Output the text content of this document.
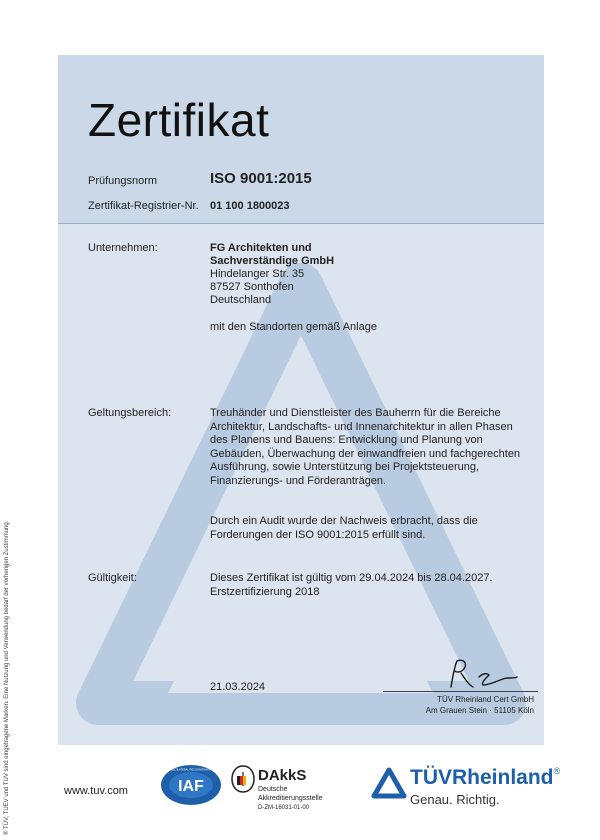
Zertifikat
Prüfungsnorm	ISO 9001:2015
Zertifikat-Registrier-Nr. 01 100 1800023
Unternehmen:	FG Architekten und
Sachverständige GmbH
Hindelanger Str. 35
87527 Sonthofen
Deutschland
mit den Standorten gemäß Anlage
Geltungsbereich:	Treuhänder und Dienstleister des Bauherrn für die Bereiche
Architektur, Landschafts- und Innenarchitektur in allen Phasen
des Planens und Bauens: Entwicklung und Planung von
Gebäuden, Überwachung der einwandfreien und fachgerechten
Ausführung, sowie Unterstützung bei Projektsteuerung,
Finanzierungs- und Förderanträgen.
Durch ein Audit wurde der Nachweis erbracht, dass die
Forderungen der ISO 9001:2015 erfüllt sind.
Gültigkeit:	Dieses Zertifikat ist gültig vom 29.04.2024 bis 28.04.2027.
Erstzertifizierung 2018
21.03.2024
TÜV Rheinland Cert GmbH
Am Grauen Stein · 51105 Köln
® TÜV, TUEV und TUV sind eingetragene Marken. Eine Nutzung und Verwendung bedarf der vorherigen Zustimmung.	www.tuv.com	IAF
MEMBER OF MULTILATERAL RECOGNITION ARRANGEMENT DAkkS
Deutsche
Akkreditierungsstelle
D-ZM-16031-01-00
TÜVRheinland®
Genau. Richtig.
